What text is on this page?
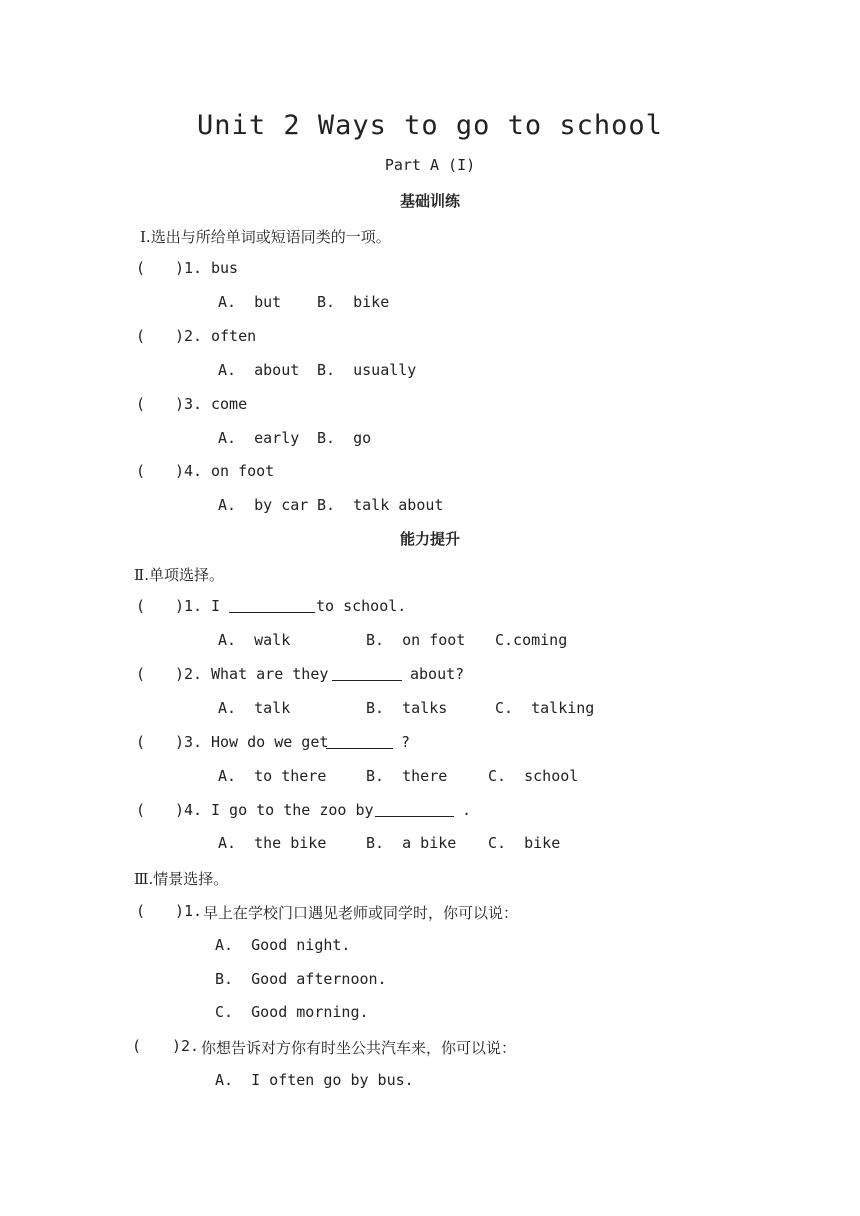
Unit 2 Ways to go to school
Part A (I)
基础训练
Ⅰ.选出与所给单词或短语同类的一项。
( )1. bus
A.  but B.  bike
( )2. often
A.  about B.  usually
( )3. come
A.  early B.  go
( )4. on foot
A.  by car B.  talk about
能力提升
Ⅱ.单项选择。
( )1. I	to school.
A.  walk	B.  on foot C.coming
( )2. What are they	about?
A.  talk	B.  talks	C.  talking
( )3. How do we get	?
A.  to there	B.  there	C.  school
( )4. I go to the zoo by	.
A.  the bike	B.  a bike C.  bike
Ⅲ.情景选择。
( )1. 早上在学校门口遇见老师或同学时，你可以说：
A.  Good night.
B.  Good afternoon.
C.  Good morning.
( )2. 你想告诉对方你有时坐公共汽车来，你可以说：
A.  I often go by bus.
